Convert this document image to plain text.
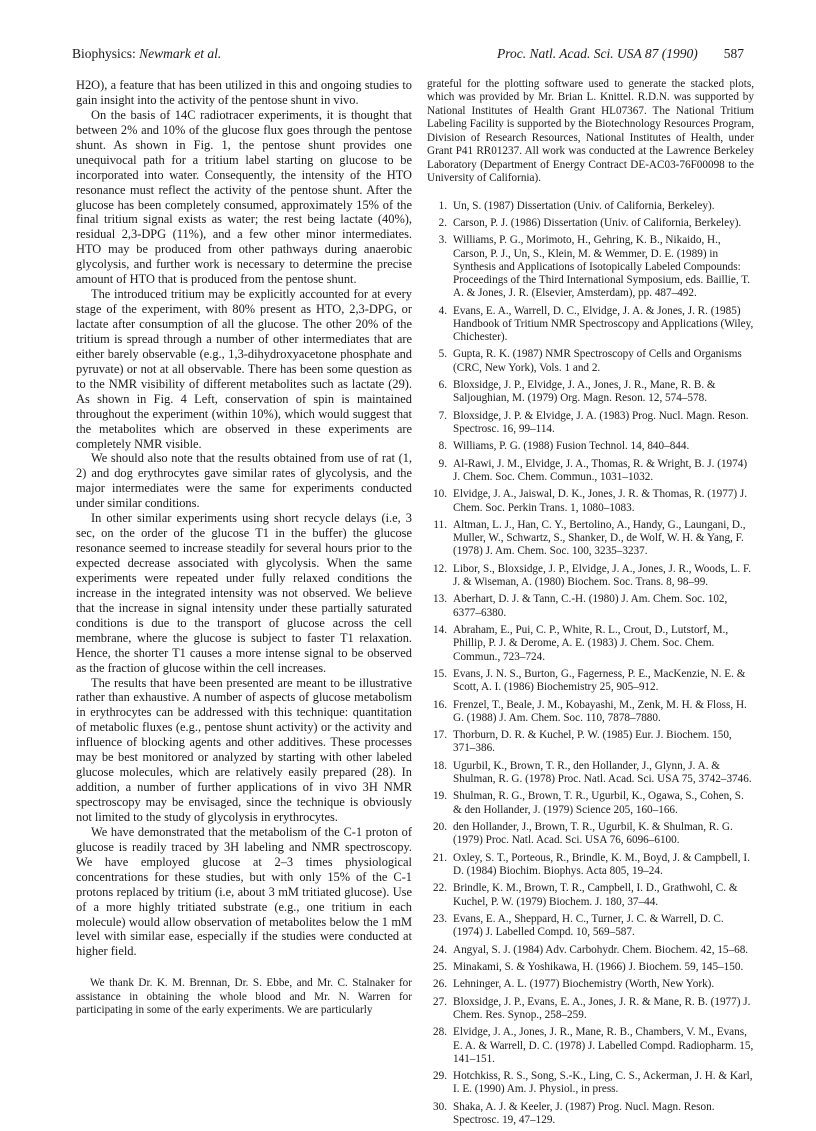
Biophysics: Newmark et al.	Proc. Natl. Acad. Sci. USA 87 (1990) 587

H2O), a feature that has been utilized in this and ongoing studies to gain insight into the activity of the pentose shunt in vivo.

On the basis of 14C radiotracer experiments, it is thought that between 2% and 10% of the glucose flux goes through the pentose shunt. As shown in Fig. 1, the pentose shunt provides one unequivocal path for a tritium label starting on glucose to be incorporated into water. Consequently, the intensity of the HTO resonance must reflect the activity of the pentose shunt. After the glucose has been completely consumed, approximately 15% of the final tritium signal exists as water; the rest being lactate (40%), residual 2,3-DPG (11%), and a few other minor intermediates. HTO may be produced from other pathways during anaerobic glycolysis, and further work is necessary to determine the precise amount of HTO that is produced from the pentose shunt.

The introduced tritium may be explicitly accounted for at every stage of the experiment, with 80% present as HTO, 2,3-DPG, or lactate after consumption of all the glucose. The other 20% of the tritium is spread through a number of other intermediates that are either barely observable (e.g., 1,3-dihydroxyacetone phosphate and pyruvate) or not at all observable. There has been some question as to the NMR visibility of different metabolites such as lactate (29). As shown in Fig. 4 Left, conservation of spin is maintained throughout the experiment (within 10%), which would suggest that the metabolites which are observed in these experiments are completely NMR visible.

We should also note that the results obtained from use of rat (1, 2) and dog erythrocytes gave similar rates of glycolysis, and the major intermediates were the same for experiments conducted under similar conditions.

In other similar experiments using short recycle delays (i.e, 3 sec, on the order of the glucose T1 in the buffer) the glucose resonance seemed to increase steadily for several hours prior to the expected decrease associated with glycolysis. When the same experiments were repeated under fully relaxed conditions the increase in the integrated intensity was not observed. We believe that the increase in signal intensity under these partially saturated conditions is due to the transport of glucose across the cell membrane, where the glucose is subject to faster T1 relaxation. Hence, the shorter T1 causes a more intense signal to be observed as the fraction of glucose within the cell increases.

The results that have been presented are meant to be illustrative rather than exhaustive. A number of aspects of glucose metabolism in erythrocytes can be addressed with this technique: quantitation of metabolic fluxes (e.g., pentose shunt activity) or the activity and influence of blocking agents and other additives. These processes may be best monitored or analyzed by starting with other labeled glucose molecules, which are relatively easily prepared (28). In addition, a number of further applications of in vivo 3H NMR spectroscopy may be envisaged, since the technique is obviously not limited to the study of glycolysis in erythrocytes.

We have demonstrated that the metabolism of the C-1 proton of glucose is readily traced by 3H labeling and NMR spectroscopy. We have employed glucose at 2–3 times physiological concentrations for these studies, but with only 15% of the C-1 protons replaced by tritium (i.e, about 3 mM tritiated glucose). Use of a more highly tritiated substrate (e.g., one tritium in each molecule) would allow observation of metabolites below the 1 mM level with similar ease, especially if the studies were conducted at higher field.

We thank Dr. K. M. Brennan, Dr. S. Ebbe, and Mr. C. Stalnaker for assistance in obtaining the whole blood and Mr. N. Warren for participating in some of the early experiments. We are particularly

grateful for the plotting software used to generate the stacked plots, which was provided by Mr. Brian L. Knittel. R.D.N. was supported by National Institutes of Health Grant HL07367. The National Tritium Labeling Facility is supported by the Biotechnology Resources Program, Division of Research Resources, National Institutes of Health, under Grant P41 RR01237. All work was conducted at the Lawrence Berkeley Laboratory (Department of Energy Contract DE-AC03-76F00098 to the University of California).

1. Un, S. (1987) Dissertation (Univ. of California, Berkeley).
2. Carson, P. J. (1986) Dissertation (Univ. of California, Berkeley).
3. Williams, P. G., Morimoto, H., Gehring, K. B., Nikaido, H., Carson, P. J., Un, S., Klein, M. & Wemmer, D. E. (1989) in Synthesis and Applications of Isotopically Labeled Compounds: Proceedings of the Third International Symposium, eds. Baillie, T. A. & Jones, J. R. (Elsevier, Amsterdam), pp. 487–492.
4. Evans, E. A., Warrell, D. C., Elvidge, J. A. & Jones, J. R. (1985) Handbook of Tritium NMR Spectroscopy and Applications (Wiley, Chichester).
5. Gupta, R. K. (1987) NMR Spectroscopy of Cells and Organisms (CRC, New York), Vols. 1 and 2.
6. Bloxsidge, J. P., Elvidge, J. A., Jones, J. R., Mane, R. B. & Saljoughian, M. (1979) Org. Magn. Reson. 12, 574–578.
7. Bloxsidge, J. P. & Elvidge, J. A. (1983) Prog. Nucl. Magn. Reson. Spectrosc. 16, 99–114.
8. Williams, P. G. (1988) Fusion Technol. 14, 840–844.
9. Al-Rawi, J. M., Elvidge, J. A., Thomas, R. & Wright, B. J. (1974) J. Chem. Soc. Chem. Commun., 1031–1032.
10. Elvidge, J. A., Jaiswal, D. K., Jones, J. R. & Thomas, R. (1977) J. Chem. Soc. Perkin Trans. 1, 1080–1083.
11. Altman, L. J., Han, C. Y., Bertolino, A., Handy, G., Laungani, D., Muller, W., Schwartz, S., Shanker, D., de Wolf, W. H. & Yang, F. (1978) J. Am. Chem. Soc. 100, 3235–3237.
12. Libor, S., Bloxsidge, J. P., Elvidge, J. A., Jones, J. R., Woods, L. F. J. & Wiseman, A. (1980) Biochem. Soc. Trans. 8, 98–99.
13. Aberhart, D. J. & Tann, C.-H. (1980) J. Am. Chem. Soc. 102, 6377–6380.
14. Abraham, E., Pui, C. P., White, R. L., Crout, D., Lutstorf, M., Phillip, P. J. & Derome, A. E. (1983) J. Chem. Soc. Chem. Commun., 723–724.
15. Evans, J. N. S., Burton, G., Fagerness, P. E., MacKenzie, N. E. & Scott, A. I. (1986) Biochemistry 25, 905–912.
16. Frenzel, T., Beale, J. M., Kobayashi, M., Zenk, M. H. & Floss, H. G. (1988) J. Am. Chem. Soc. 110, 7878–7880.
17. Thorburn, D. R. & Kuchel, P. W. (1985) Eur. J. Biochem. 150, 371–386.
18. Ugurbil, K., Brown, T. R., den Hollander, J., Glynn, J. A. & Shulman, R. G. (1978) Proc. Natl. Acad. Sci. USA 75, 3742–3746.
19. Shulman, R. G., Brown, T. R., Ugurbil, K., Ogawa, S., Cohen, S. & den Hollander, J. (1979) Science 205, 160–166.
20. den Hollander, J., Brown, T. R., Ugurbil, K. & Shulman, R. G. (1979) Proc. Natl. Acad. Sci. USA 76, 6096–6100.
21. Oxley, S. T., Porteous, R., Brindle, K. M., Boyd, J. & Campbell, I. D. (1984) Biochim. Biophys. Acta 805, 19–24.
22. Brindle, K. M., Brown, T. R., Campbell, I. D., Grathwohl, C. & Kuchel, P. W. (1979) Biochem. J. 180, 37–44.
23. Evans, E. A., Sheppard, H. C., Turner, J. C. & Warrell, D. C. (1974) J. Labelled Compd. 10, 569–587.
24. Angyal, S. J. (1984) Adv. Carbohydr. Chem. Biochem. 42, 15–68.
25. Minakami, S. & Yoshikawa, H. (1966) J. Biochem. 59, 145–150.
26. Lehninger, A. L. (1977) Biochemistry (Worth, New York).
27. Bloxsidge, J. P., Evans, E. A., Jones, J. R. & Mane, R. B. (1977) J. Chem. Res. Synop., 258–259.
28. Elvidge, J. A., Jones, J. R., Mane, R. B., Chambers, V. M., Evans, E. A. & Warrell, D. C. (1978) J. Labelled Compd. Radiopharm. 15, 141–151.
29. Hotchkiss, R. S., Song, S.-K., Ling, C. S., Ackerman, J. H. & Karl, I. E. (1990) Am. J. Physiol., in press.
30. Shaka, A. J. & Keeler, J. (1987) Prog. Nucl. Magn. Reson. Spectrosc. 19, 47–129.
